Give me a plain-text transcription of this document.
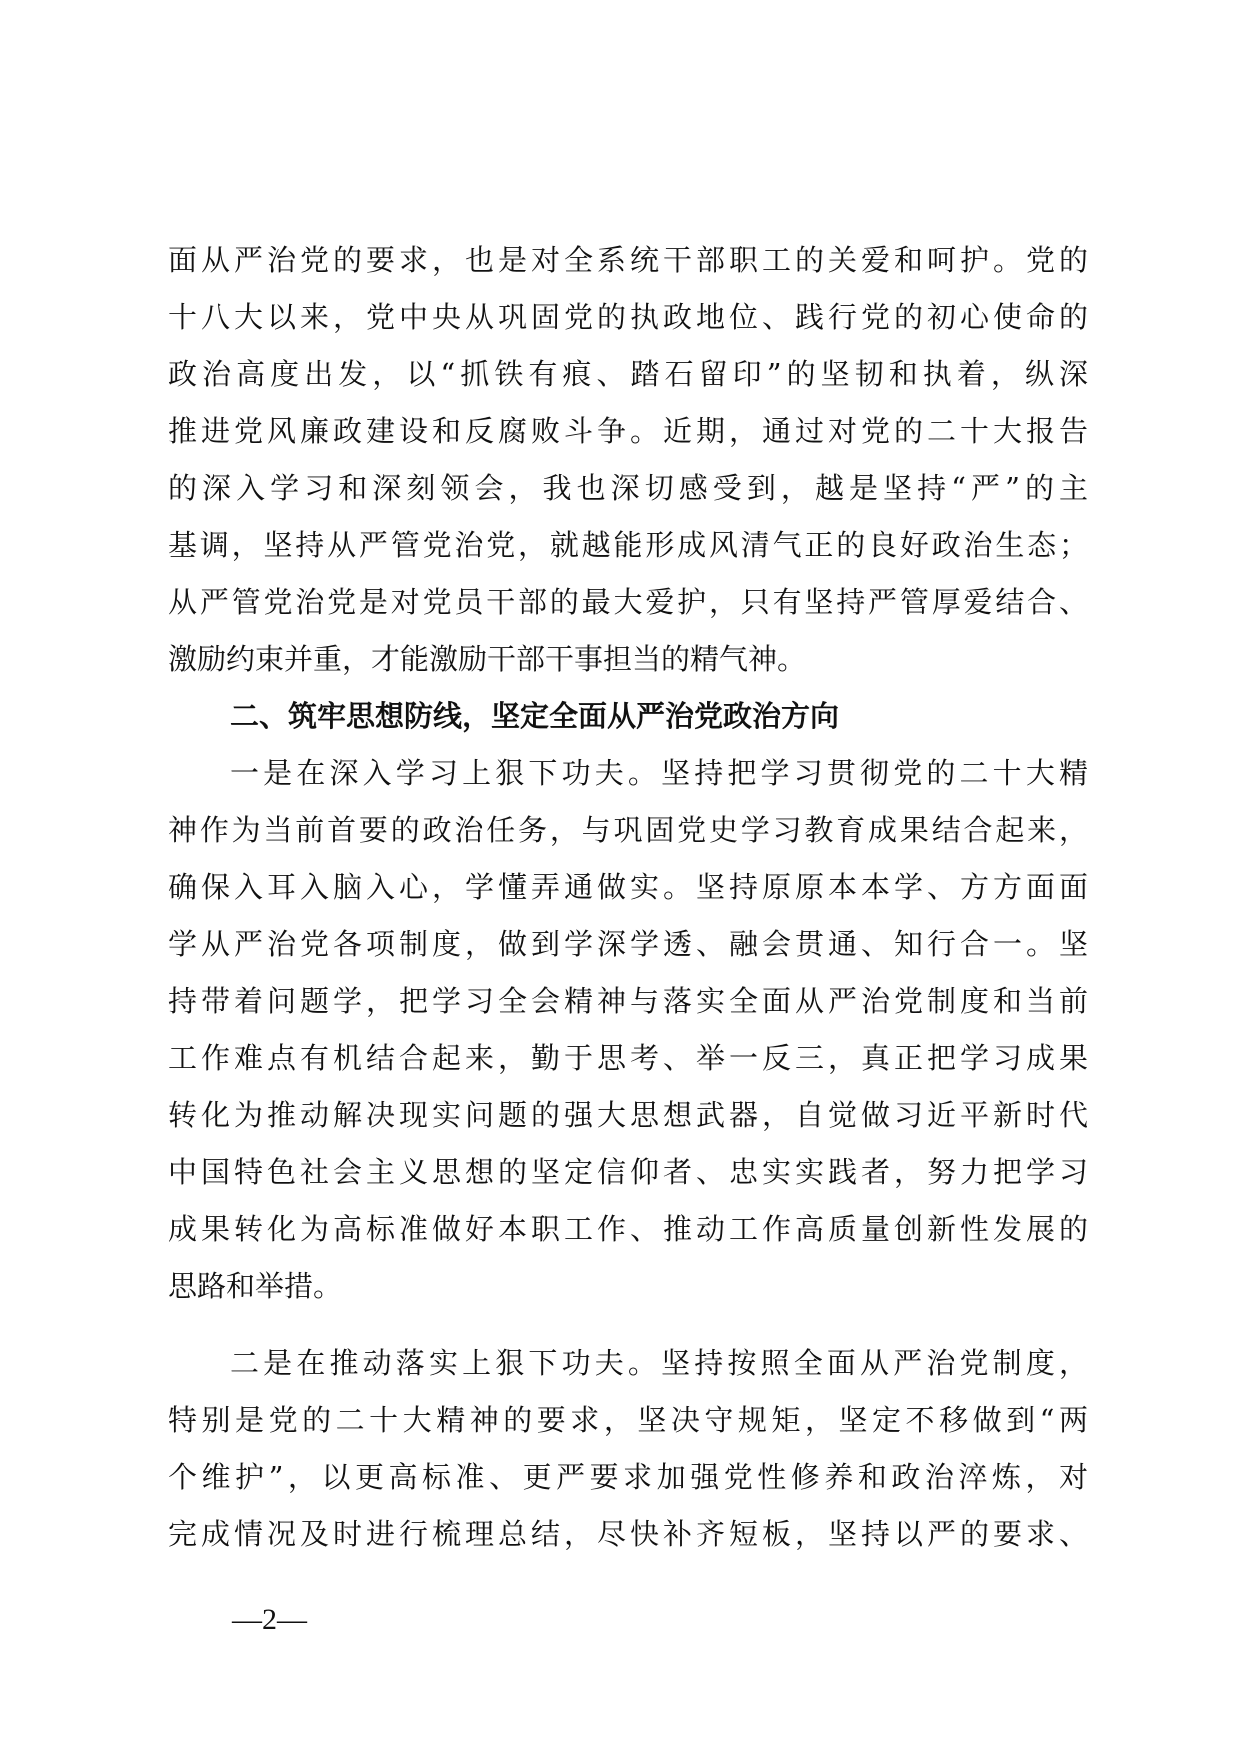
面从严治党的要求，也是对全系统干部职工的关爱和呵护。党的
十八大以来，党中央从巩固党的执政地位、践行党的初心使命的
政治高度出发，以“抓铁有痕、踏石留印”的坚韧和执着，纵深
推进党风廉政建设和反腐败斗争。近期，通过对党的二十大报告
的深入学习和深刻领会，我也深切感受到，越是坚持“严”的主
基调，坚持从严管党治党，就越能形成风清气正的良好政治生态；
从严管党治党是对党员干部的最大爱护，只有坚持严管厚爱结合、
激励约束并重，才能激励干部干事担当的精气神。
二、筑牢思想防线，坚定全面从严治党政治方向
一是在深入学习上狠下功夫。坚持把学习贯彻党的二十大精
神作为当前首要的政治任务，与巩固党史学习教育成果结合起来，
确保入耳入脑入心，学懂弄通做实。坚持原原本本学、方方面面
学从严治党各项制度，做到学深学透、融会贯通、知行合一。坚
持带着问题学，把学习全会精神与落实全面从严治党制度和当前
工作难点有机结合起来，勤于思考、举一反三，真正把学习成果
转化为推动解决现实问题的强大思想武器，自觉做习近平新时代
中国特色社会主义思想的坚定信仰者、忠实实践者，努力把学习
成果转化为高标准做好本职工作、推动工作高质量创新性发展的
思路和举措。
二是在推动落实上狠下功夫。坚持按照全面从严治党制度，
特别是党的二十大精神的要求，坚决守规矩，坚定不移做到“两
个维护”，以更高标准、更严要求加强党性修养和政治淬炼，对
完成情况及时进行梳理总结，尽快补齐短板，坚持以严的要求、
—2—
